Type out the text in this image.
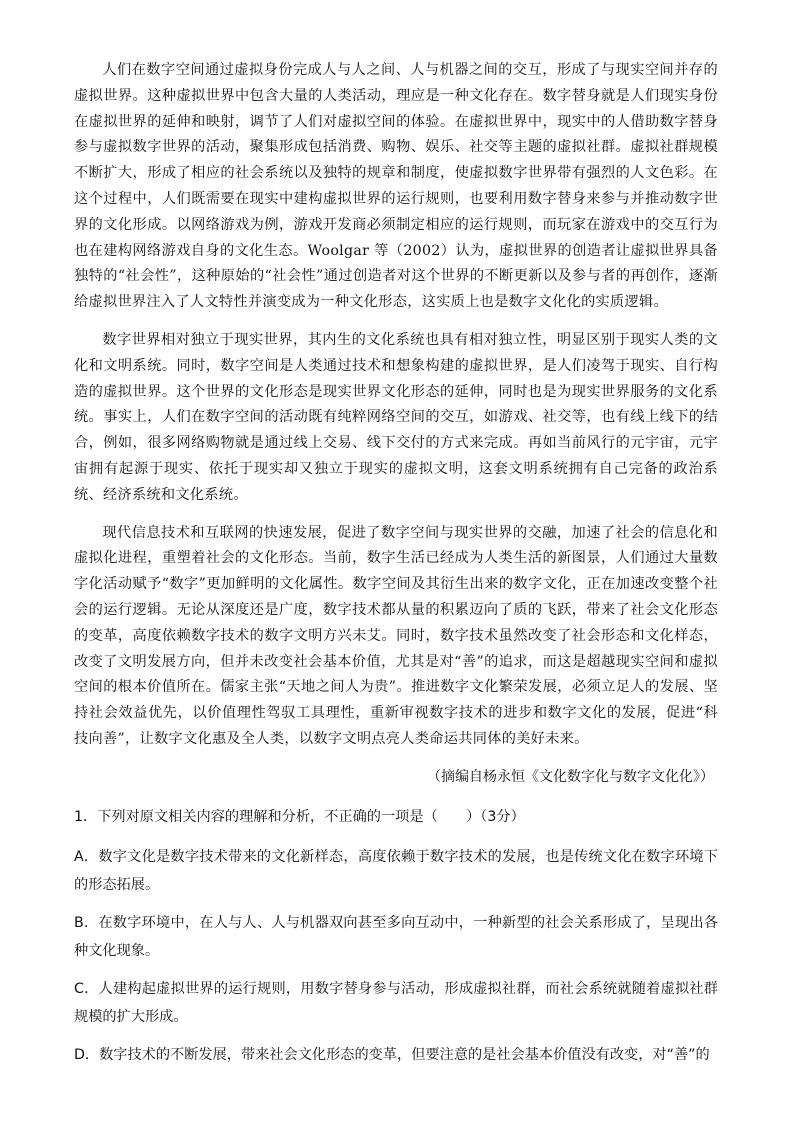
人们在数字空间通过虚拟身份完成人与人之间、人与机器之间的交互，形成了与现实空间并存的虚拟世界。这种虚拟世界中包含大量的人类活动，理应是一种文化存在。数字替身就是人们现实身份在虚拟世界的延伸和映射，调节了人们对虚拟空间的体验。在虚拟世界中，现实中的人借助数字替身参与虚拟数字世界的活动，聚集形成包括消费、购物、娱乐、社交等主题的虚拟社群。虚拟社群规模不断扩大，形成了相应的社会系统以及独特的规章和制度，使虚拟数字世界带有强烈的人文色彩。在这个过程中，人们既需要在现实中建构虚拟世界的运行规则，也要利用数字替身来参与并推动数字世界的文化形成。以网络游戏为例，游戏开发商必须制定相应的运行规则，而玩家在游戏中的交互行为也在建构网络游戏自身的文化生态。Woolgar 等（2002）认为，虚拟世界的创造者让虚拟世界具备独特的“社会性”，这种原始的“社会性”通过创造者对这个世界的不断更新以及参与者的再创作，逐渐给虚拟世界注入了人文特性并演变成为一种文化形态，这实质上也是数字文化化的实质逻辑。

数字世界相对独立于现实世界，其内生的文化系统也具有相对独立性，明显区别于现实人类的文化和文明系统。同时，数字空间是人类通过技术和想象构建的虚拟世界，是人们凌驾于现实、自行构造的虚拟世界。这个世界的文化形态是现实世界文化形态的延伸，同时也是为现实世界服务的文化系统。事实上，人们在数字空间的活动既有纯粹网络空间的交互，如游戏、社交等，也有线上线下的结合，例如，很多网络购物就是通过线上交易、线下交付的方式来完成。再如当前风行的元宇宙，元宇宙拥有起源于现实、依托于现实却又独立于现实的虚拟文明，这套文明系统拥有自己完备的政治系统、经济系统和文化系统。

现代信息技术和互联网的快速发展，促进了数字空间与现实世界的交融，加速了社会的信息化和虚拟化进程，重塑着社会的文化形态。当前，数字生活已经成为人类生活的新图景，人们通过大量数字化活动赋予“数字”更加鲜明的文化属性。数字空间及其衍生出来的数字文化，正在加速改变整个社会的运行逻辑。无论从深度还是广度，数字技术都从量的积累迈向了质的飞跃，带来了社会文化形态的变革，高度依赖数字技术的数字文明方兴未艾。同时，数字技术虽然改变了社会形态和文化样态，改变了文明发展方向，但并未改变社会基本价值，尤其是对“善”的追求，而这是超越现实空间和虚拟空间的根本价值所在。儒家主张“天地之间人为贵”。推进数字文化繁荣发展，必须立足人的发展、坚持社会效益优先，以价值理性驾驭工具理性，重新审视数字技术的进步和数字文化的发展，促进“科技向善”，让数字文化惠及全人类，以数字文明点亮人类命运共同体的美好未来。

（摘编自杨永恒《文化数字化与数字文化化》）
1．下列对原文相关内容的理解和分析，不正确的一项是（　　）（3分）
A．数字文化是数字技术带来的文化新样态，高度依赖于数字技术的发展，也是传统文化在数字环境下的形态拓展。
B．在数字环境中，在人与人、人与机器双向甚至多向互动中，一种新型的社会关系形成了，呈现出各种文化现象。
C．人建构起虚拟世界的运行规则，用数字替身参与活动，形成虚拟社群，而社会系统就随着虚拟社群规模的扩大形成。
D．数字技术的不断发展，带来社会文化形态的变革，但要注意的是社会基本价值没有改变，对“善”的
